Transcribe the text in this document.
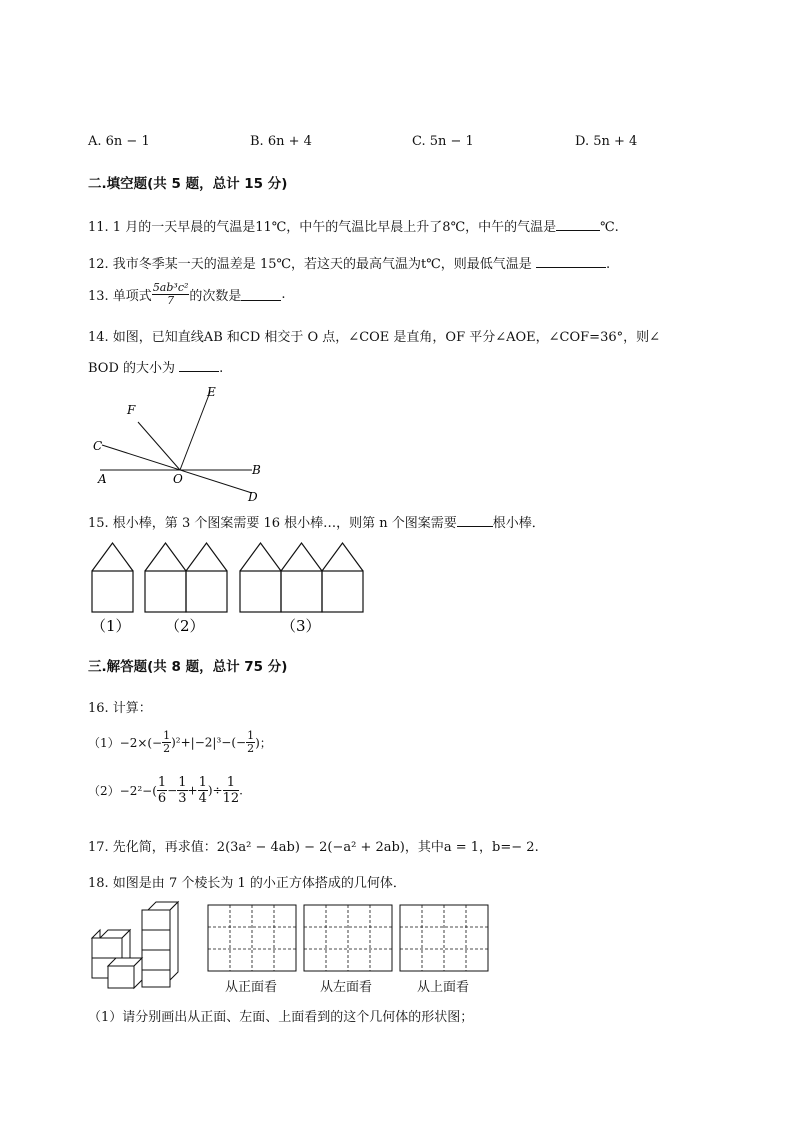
A. 6n − 1	B. 6n + 4	C. 5n − 1	D. 5n + 4
二.填空题(共 5 题，总计 15 分)
11. 1 月的一天早晨的气温是11℃，中午的气温比早晨上升了8℃，中午的气温是	℃.
12. 我市冬季某一天的温差是 15℃，若这天的最高气温为t℃，则最低气温是	.
13. 单项式 $\frac{\text{5ab³c²}}{7}$ 的次数是	.
14. 如图，已知直线AB 和CD 相交于 O 点，∠COE 是直角，OF 平分∠AOE，∠COF=36°，则∠
BOD 的大小为	.
E
F
C
A	O
B
D
15. 根小棒，第 3 个图案需要 16 根小棒…，则第 n 个图案需要	根小棒．
（1） （2）	（3）
三.解答题(共 8 题，总计 75 分)
16. 计算：
$(1)-2\times(- \frac{1}{2} )^2+|-2|^3-(- \frac{1}{2}$ )；
$(2)-2^2-( \frac{1}{6} - \frac{1}{3} + \frac{1}{4}$ )÷ $\frac{1}{12}$ .
17. 先化简，再求值：2(3a² − 4ab) − 2(−a² + 2ab)，其中a = 1，b=− 2.
18. 如图是由 7 个棱长为 1 的小正方体搭成的几何体．
从正面看	从左面看	从上面看
（1）请分别画出从正面、左面、上面看到的这个几何体的形状图；
